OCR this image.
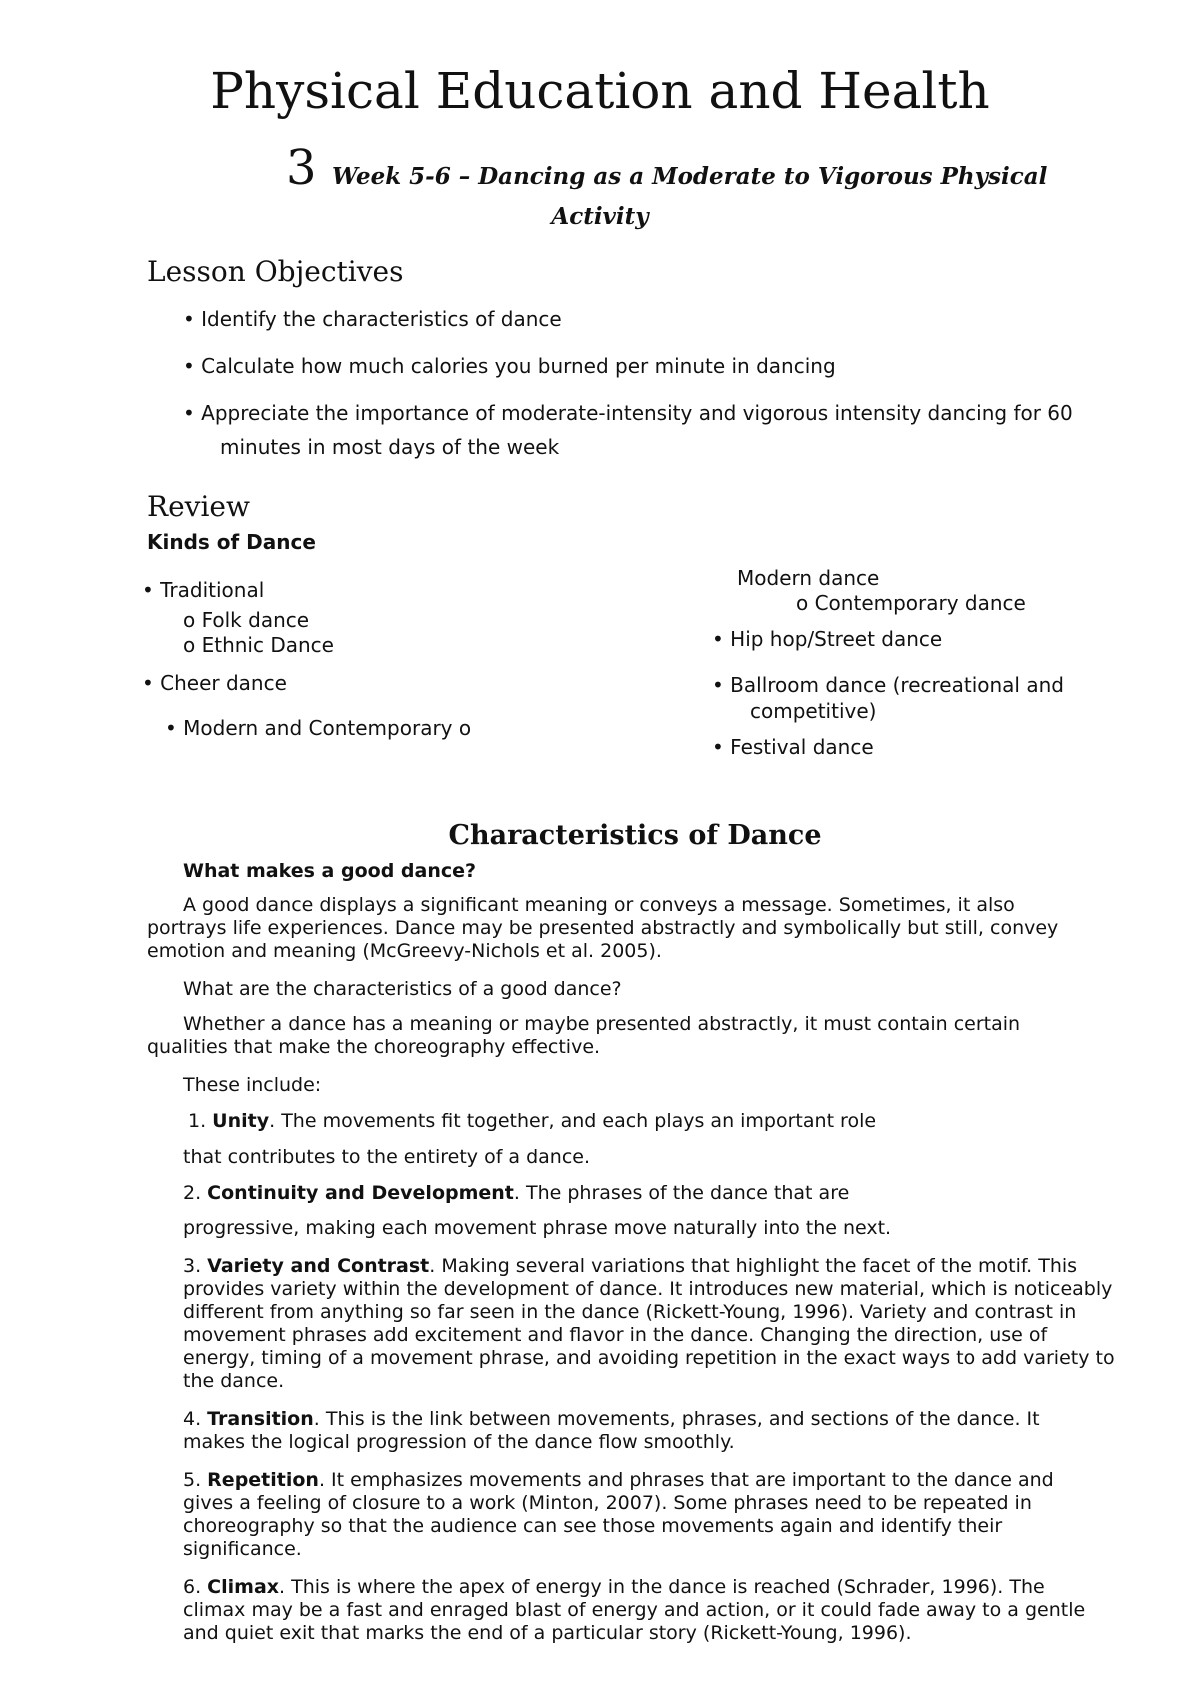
Physical Education and Health
3 Week 5-6 – Dancing as a Moderate to Vigorous Physical
Activity
Lesson Objectives
• Identify the characteristics of dance
• Calculate how much calories you burned per minute in dancing
• Appreciate the importance of moderate-intensity and vigorous intensity dancing for 60
minutes in most days of the week
Review
Kinds of Dance
• Traditional
o Folk dance
o Ethnic Dance
• Cheer dance
• Modern and Contemporary o
Modern dance
o Contemporary dance
• Hip hop/Street dance
• Ballroom dance (recreational and
competitive)
• Festival dance
Characteristics of Dance
What makes a good dance?
A good dance displays a significant meaning or conveys a message. Sometimes, it also portrays life experiences. Dance may be presented abstractly and symbolically but still, convey emotion and meaning (McGreevy-Nichols et al. 2005).
What are the characteristics of a good dance?
Whether a dance has a meaning or maybe presented abstractly, it must contain certain qualities that make the choreography effective.
These include:
1. Unity. The movements fit together, and each plays an important role
that contributes to the entirety of a dance.
2. Continuity and Development. The phrases of the dance that are
progressive, making each movement phrase move naturally into the next.
3. Variety and Contrast. Making several variations that highlight the facet of the motif. This provides variety within the development of dance. It introduces new material, which is noticeably different from anything so far seen in the dance (Rickett-Young, 1996). Variety and contrast in movement phrases add excitement and flavor in the dance. Changing the direction, use of energy, timing of a movement phrase, and avoiding repetition in the exact ways to add variety to the dance.
4. Transition. This is the link between movements, phrases, and sections of the dance. It makes the logical progression of the dance flow smoothly.
5. Repetition. It emphasizes movements and phrases that are important to the dance and gives a feeling of closure to a work (Minton, 2007). Some phrases need to be repeated in choreography so that the audience can see those movements again and identify their significance.
6. Climax. This is where the apex of energy in the dance is reached (Schrader, 1996). The climax may be a fast and enraged blast of energy and action, or it could fade away to a gentle and quiet exit that marks the end of a particular story (Rickett-Young, 1996).
